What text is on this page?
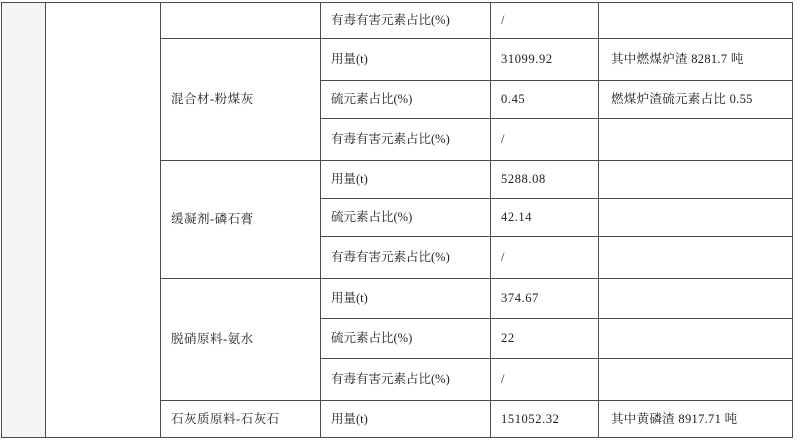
有毒有害元素占比(%)	/
混合材-粉煤灰
用量(t)	31099.92	其中燃煤炉渣 8281.7 吨
硫元素占比(%)	0.45	燃煤炉渣硫元素占比 0.55
有毒有害元素占比(%)	/
缓凝剂-磷石膏
用量(t)	5288.08
硫元素占比(%)	42.14
有毒有害元素占比(%)	/
脱硝原料-氨水
用量(t)	374.67
硫元素占比(%)	22
有毒有害元素占比(%)	/
石灰质原料-石灰石	用量(t)	151052.32	其中黄磷渣 8917.71 吨
